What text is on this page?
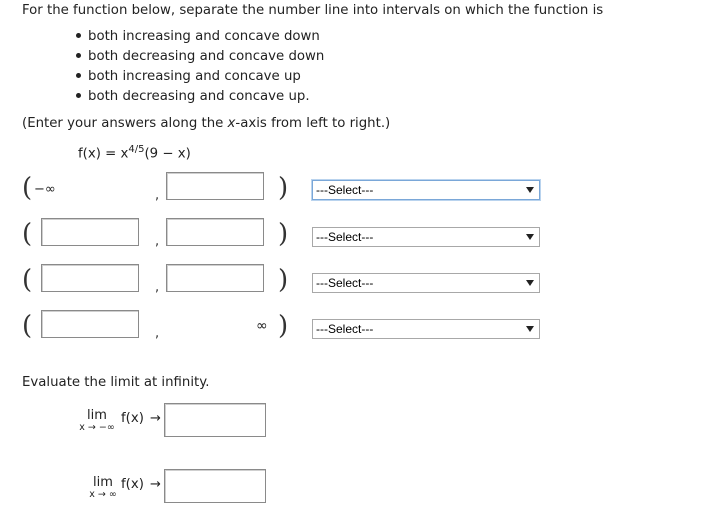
For the function below, separate the number line into intervals on which the function is
both increasing and concave down
both decreasing and concave down
both increasing and concave up
both decreasing and concave up.
(Enter your answers along the x-axis from left to right.)
$f(x) = x^{4/5}(9 - x)$
( −∞	,	)	---Select---
(	,	)	---Select---
(	,	)	---Select---
(	,	∞ )	---Select---
Evaluate the limit at infinity.
lim
x → −∞
f(x) →
lim
x → ∞
f(x) →
